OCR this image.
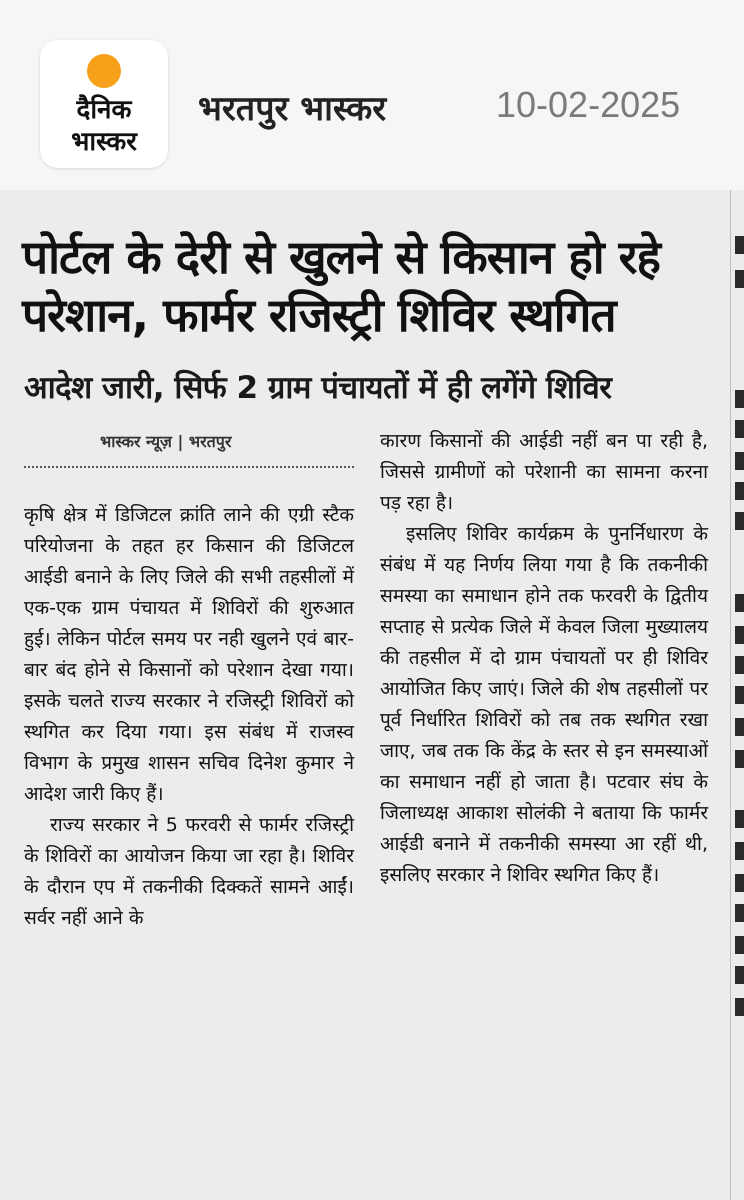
दैनिक
भास्कर
भरतपुर भास्कर	10-02-2025
पोर्टल के देरी से खुलने से किसान हो रहे परेशान, फार्मर रजिस्ट्री शिविर स्थगित
आदेश जारी, सिर्फ 2 ग्राम पंचायतों में ही लगेंगे शिविर
भास्कर न्यूज़ | भरतपुर

कृषि क्षेत्र में डिजिटल क्रांति लाने की एग्री स्टैक परियोजना के तहत हर किसान की डिजिटल आईडी बनाने के लिए जिले की सभी तहसीलों में एक-एक ग्राम पंचायत में शिविरों की शुरुआत हुई। लेकिन पोर्टल समय पर नही खुलने एवं बार-बार बंद होने से किसानों को परेशान देखा गया। इसके चलते राज्य सरकार ने रजिस्ट्री शिविरों को स्थगित कर दिया गया। इस संबंध में राजस्व विभाग के प्रमुख शासन सचिव दिनेश कुमार ने आदेश जारी किए हैं।

राज्य सरकार ने 5 फरवरी से फार्मर रजिस्ट्री के शिविरों का आयोजन किया जा रहा है। शिविर के दौरान एप में तकनीकी दिक्कतें सामने आईं। सर्वर नहीं आने के

कारण किसानों की आईडी नहीं बन पा रही है, जिससे ग्रामीणों को परेशानी का सामना करना पड़ रहा है।

इसलिए शिविर कार्यक्रम के पुनर्निधारण के संबंध में यह निर्णय लिया गया है कि तकनीकी समस्या का समाधान होने तक फरवरी के द्वितीय सप्ताह से प्रत्येक जिले में केवल जिला मुख्यालय की तहसील में दो ग्राम पंचायतों पर ही शिविर आयोजित किए जाएं। जिले की शेष तहसीलों पर पूर्व निर्धारित शिविरों को तब तक स्थगित रखा जाए, जब तक कि केंद्र के स्तर से इन समस्याओं का समाधान नहीं हो जाता है। पटवार संघ के जिलाध्यक्ष आकाश सोलंकी ने बताया कि फार्मर आईडी बनाने में तकनीकी समस्या आ रहीं थी, इसलिए सरकार ने शिविर स्थगित किए हैं।
